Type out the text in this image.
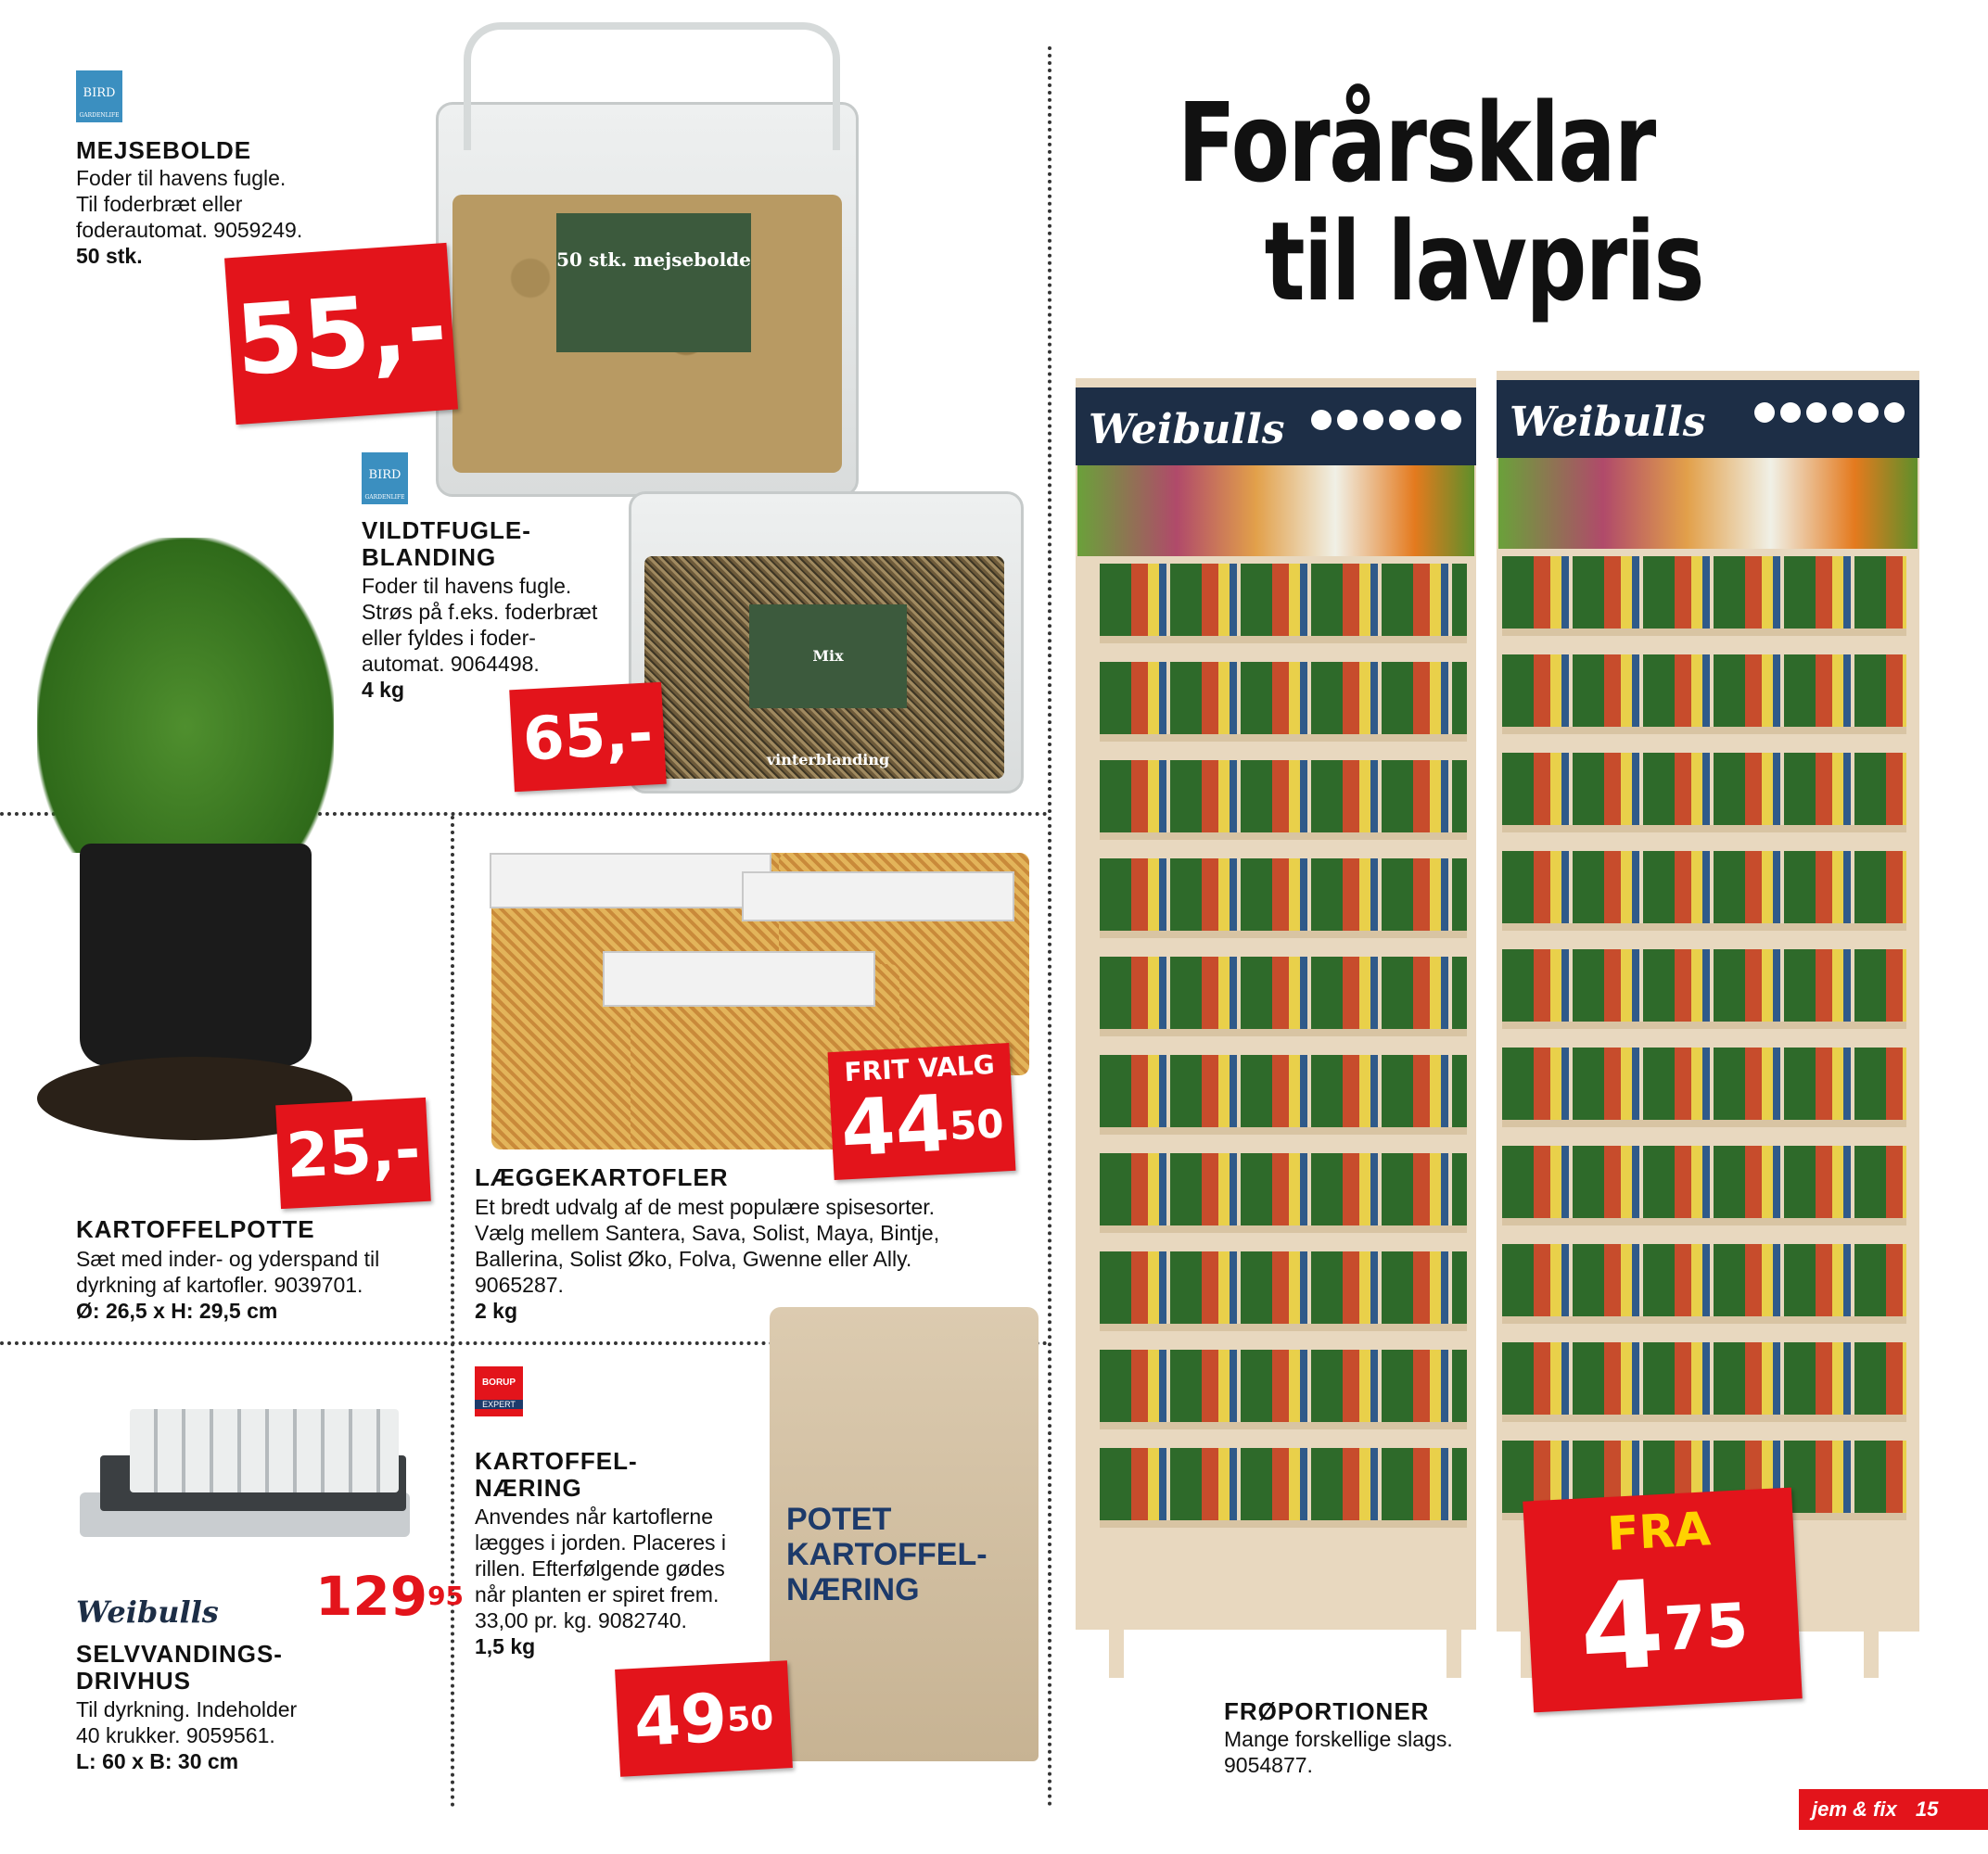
BIRD
GARDENLIFE
MEJSEBOLDE
Foder til havens fugle.
Til foderbræt eller
foderautomat. 9059249.
50 stk.	50 stk. mejsebolde
55,-
BIRD
GARDENLIFE
VILDTFUGLE-
BLANDING
Foder til havens fugle.
Strøs på f.eks. foderbræt
eller fyldes i foder-
automat. 9064498.
4 kg
Mix vinterblanding
65,-
25,-
KARTOFFELPOTTE
Sæt med inder- og yderspand til
dyrkning af kartofler. 9039701.
Ø: 26,5 x H: 29,5 cm
FRIT VALG
$44^{50}$
LÆGGEKARTOFLER
Et bredt udvalg af de mest populære spisesorter.
Vælg mellem Santera, Sava, Solist, Maya, Bintje,
Ballerina, Solist Øko, Folva, Gwenne eller Ally.
9065287.
2 kg
Weibulls $129^{95}$
SELVVANDINGS-
DRIVHUS
Til dyrkning. Indeholder
40 krukker. 9059561.
L: 60 x B: 30 cm
BORUP
EXPERT
KARTOFFEL-
NÆRING
Anvendes når kartoflerne
lægges i jorden. Placeres i
rillen. Efterfølgende gødes
når planten er spiret frem.
33,00 pr. kg. 9082740.
1,5 kg
POTET KARTOFFEL- NÆRING
$49^{50}$
Forårsklar
til lavpris
Weibulls	Weibulls
FRA
$4^{75}$
FRØPORTIONER
Mange forskellige slags.
9054877.
jem & fix 15
